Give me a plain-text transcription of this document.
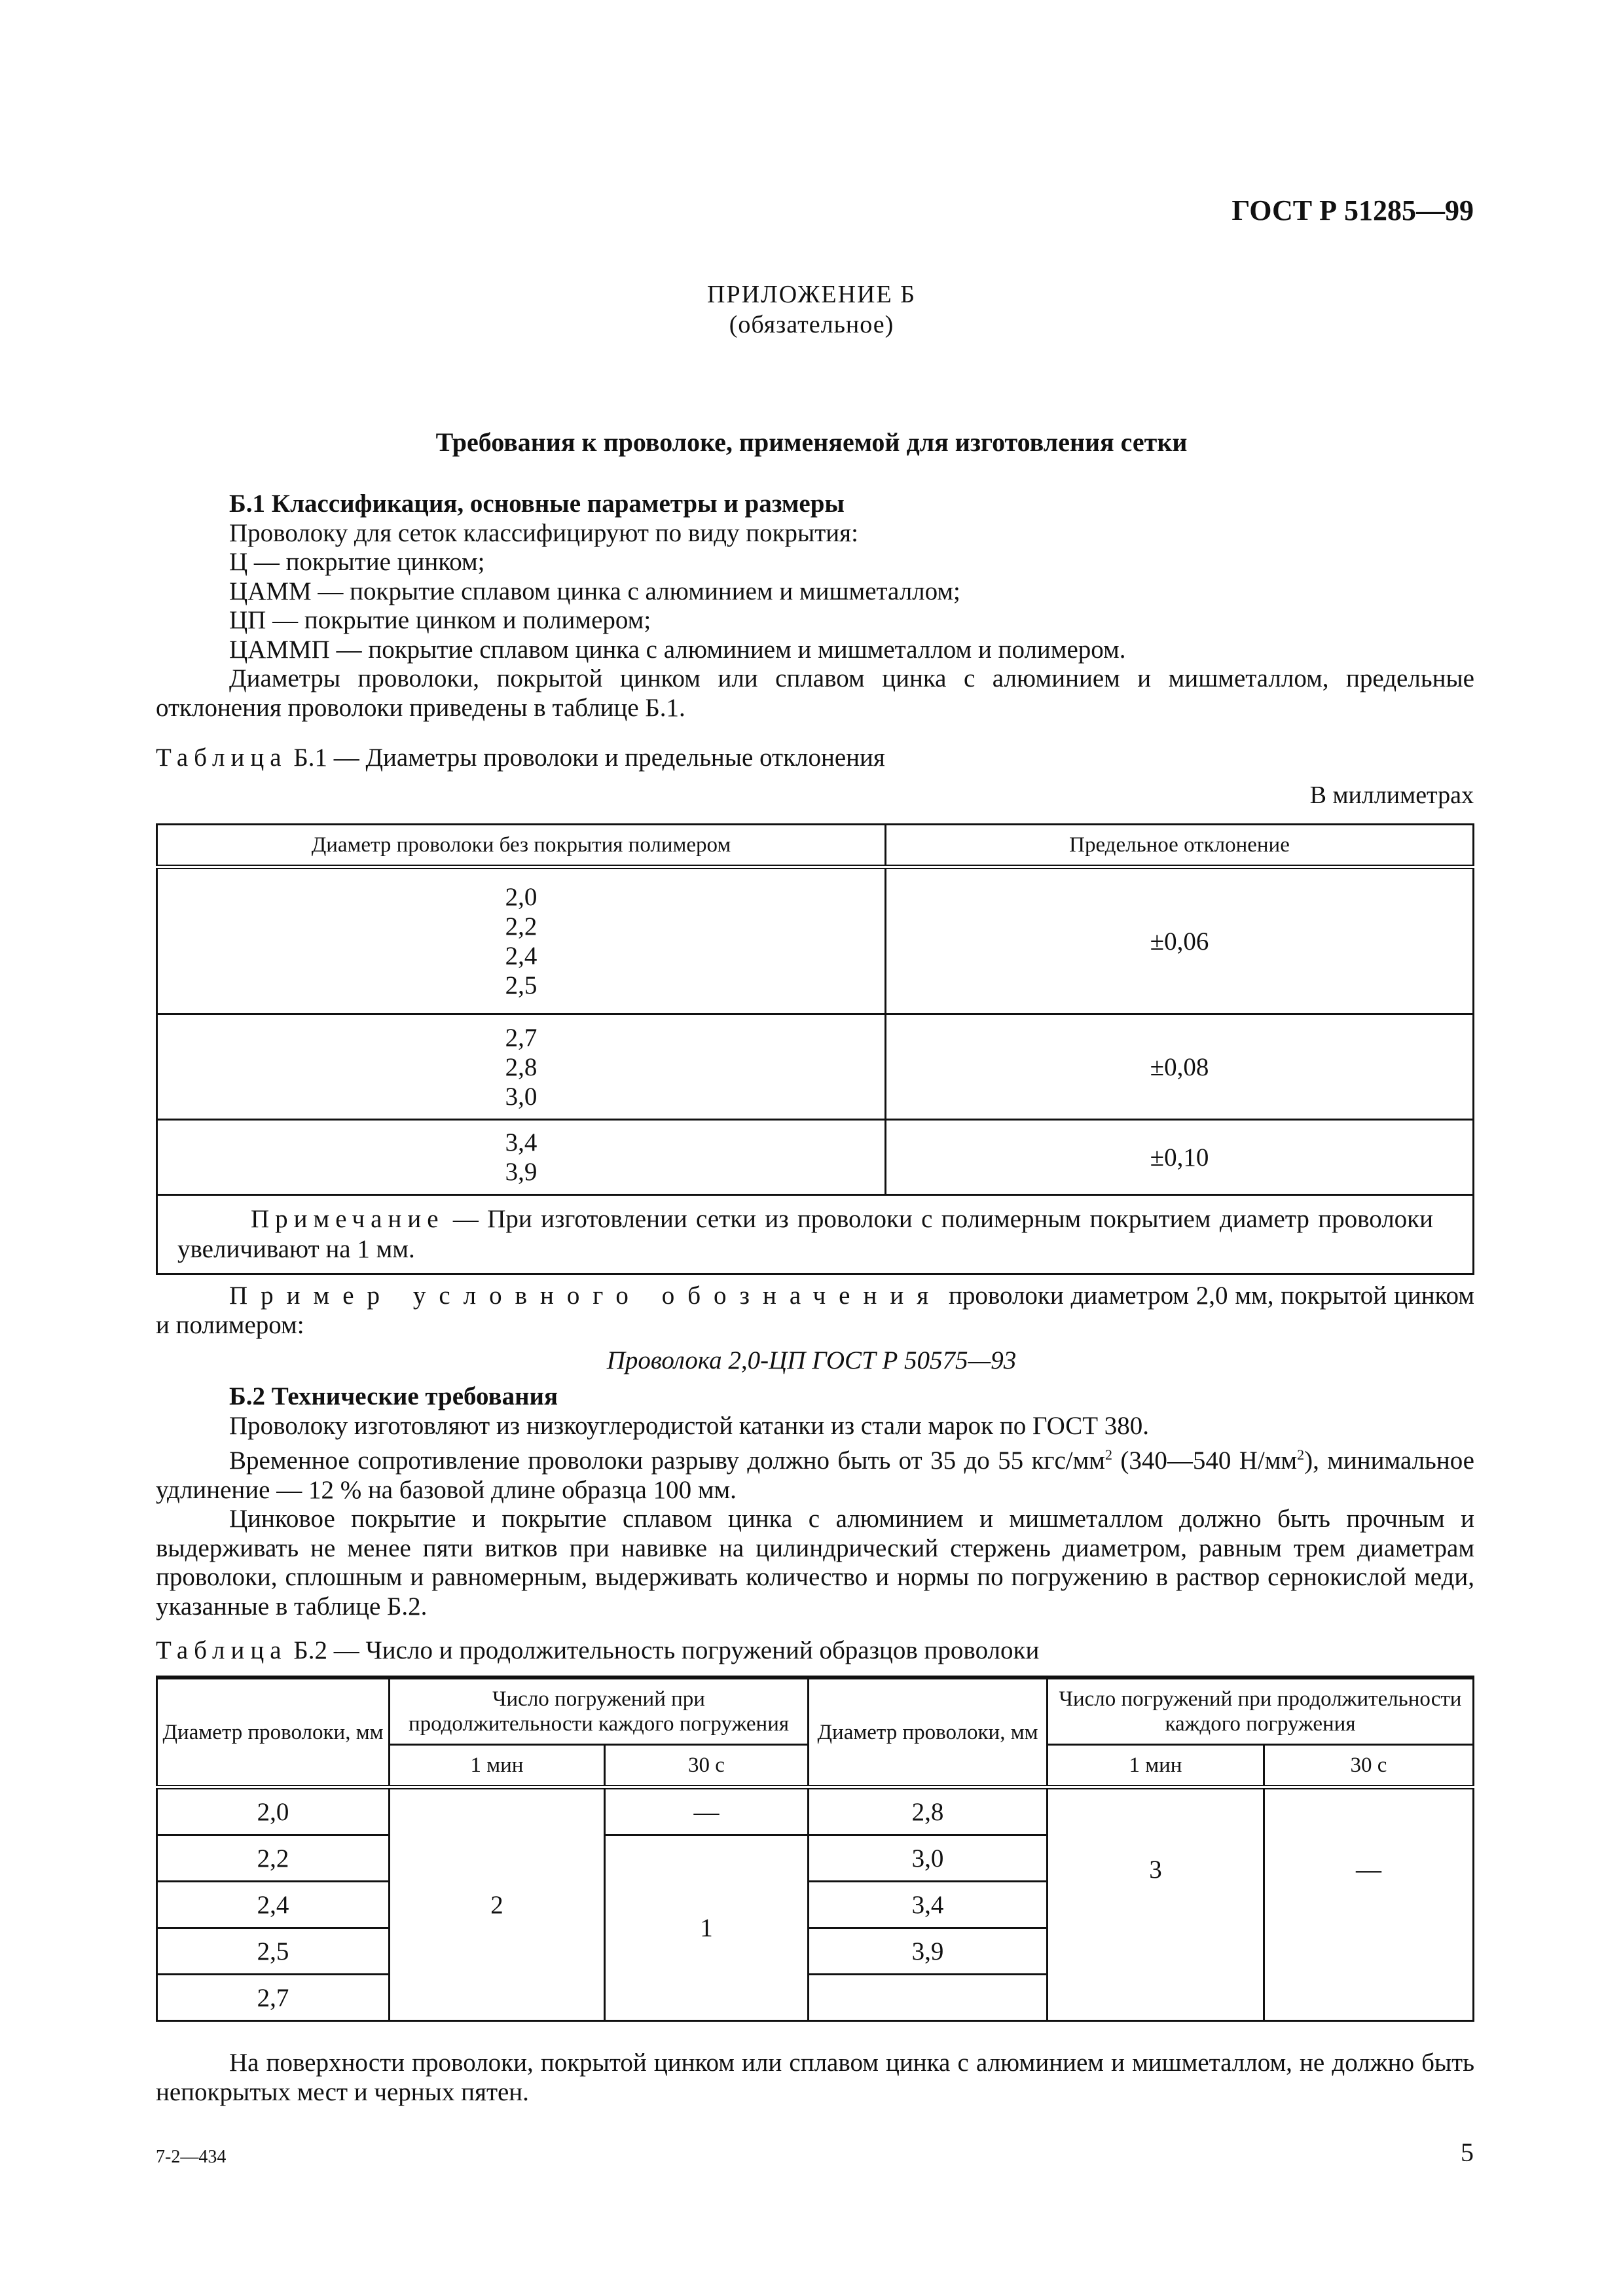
ГОСТ Р 51285—99
ПРИЛОЖЕНИЕ Б
(обязательное)
Требования к проволоке, применяемой для изготовления сетки
Б.1 Классификация, основные параметры и размеры
Проволоку для сеток классифицируют по виду покрытия:
Ц — покрытие цинком;
ЦАММ — покрытие сплавом цинка с алюминием и мишметаллом;
ЦП — покрытие цинком и полимером;
ЦАММП — покрытие сплавом цинка с алюминием и мишметаллом и полимером.
Диаметры проволоки, покрытой цинком или сплавом цинка с алюминием и мишметаллом, предельные отклонения проволоки приведены в таблице Б.1.
Таблица Б.1 — Диаметры проволоки и предельные отклонения
В миллиметрах
Диаметр проволоки без покрытия полимером	Предельное отклонение

2,0
2,2
2,4
2,5	±0,06

2,7
2,8
3,0	±0,08

3,4
3,9	±0,10
Примечание — При изготовлении сетки из проволоки с полимерным покрытием диаметр проволоки увеличивают на 1 мм.	
Пример условного обозначения проволоки диаметром 2,0 мм, покрытой цинком и полимером:
Проволока 2,0-ЦП ГОСТ Р 50575—93
Б.2 Технические требования
Проволоку изготовляют из низкоуглеродистой катанки из стали марок по ГОСТ 380.
Временное сопротивление проволоки разрыву должно быть от 35 до 55 кгс/$мм^2$ (340—540 $Н/мм^2$), минимальное удлинение — 12 % на базовой длине образца 100 мм.
Цинковое покрытие и покрытие сплавом цинка с алюминием и мишметаллом должно быть прочным и выдерживать не менее пяти витков при навивке на цилиндрический стержень диаметром, равным трем диаметрам проволоки, сплошным и равномерным, выдерживать количество и нормы по погружению в раствор сернокислой меди, указанные в таблице Б.2.
Таблица Б.2 — Число и продолжительность погружений образцов проволоки
Диаметр проволоки, мм	Число погружений при продолжительности каждого погружения		Диаметр проволоки, мм	Число погружений при продолжительности каждого погружения	
	1 мин	30 с		1 мин	30 с
2,0	2	—	2,8	3	—
2,2		1	3,0		
2,4			3,4		
2,5			3,9		
2,7					
На поверхности проволоки, покрытой цинком или сплавом цинка с алюминием и мишметаллом, не должно быть непокрытых мест и черных пятен.
7-2—434	5
